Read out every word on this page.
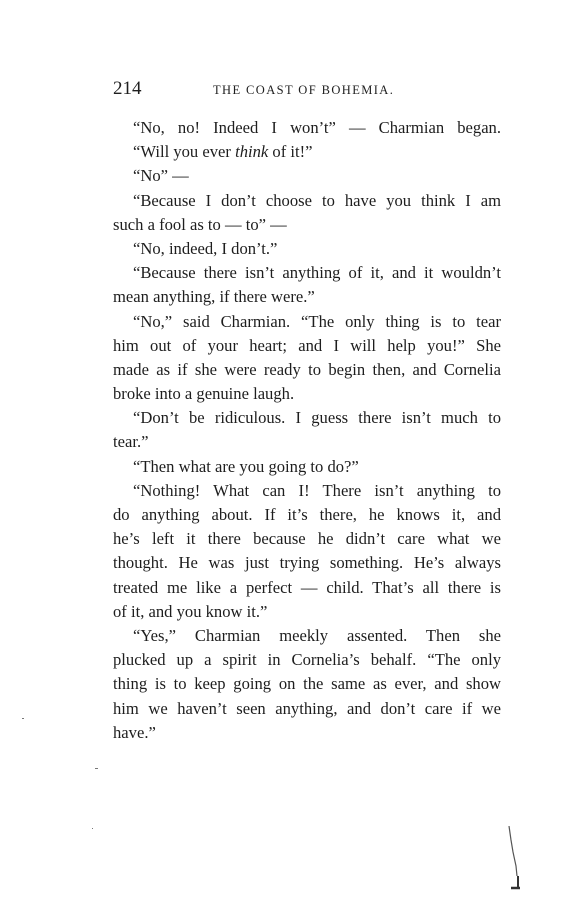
214	THE COAST OF BOHEMIA.
“No, no! Indeed I won’t” — Charmian began.
“Will you ever think of it!”
“No” —
“Because I don’t choose to have you think I am
such a fool as to — to” —
“No, indeed, I don’t.”
“Because there isn’t anything of it, and it wouldn’t
mean anything, if there were.”
“No,” said Charmian. “The only thing is to tear
him out of your heart; and I will help you!” She
made as if she were ready to begin then, and Cornelia
broke into a genuine laugh.
“Don’t be ridiculous. I guess there isn’t much to
tear.”
“Then what are you going to do?”
“Nothing! What can I! There isn’t anything to
do anything about. If it’s there, he knows it, and
he’s left it there because he didn’t care what we
thought. He was just trying something. He’s always
treated me like a perfect — child. That’s all there is
of it, and you know it.”
“Yes,” Charmian meekly assented. Then she
plucked up a spirit in Cornelia’s behalf. “The only
thing is to keep going on the same as ever, and show
him we haven’t seen anything, and don’t care if we
have.”
